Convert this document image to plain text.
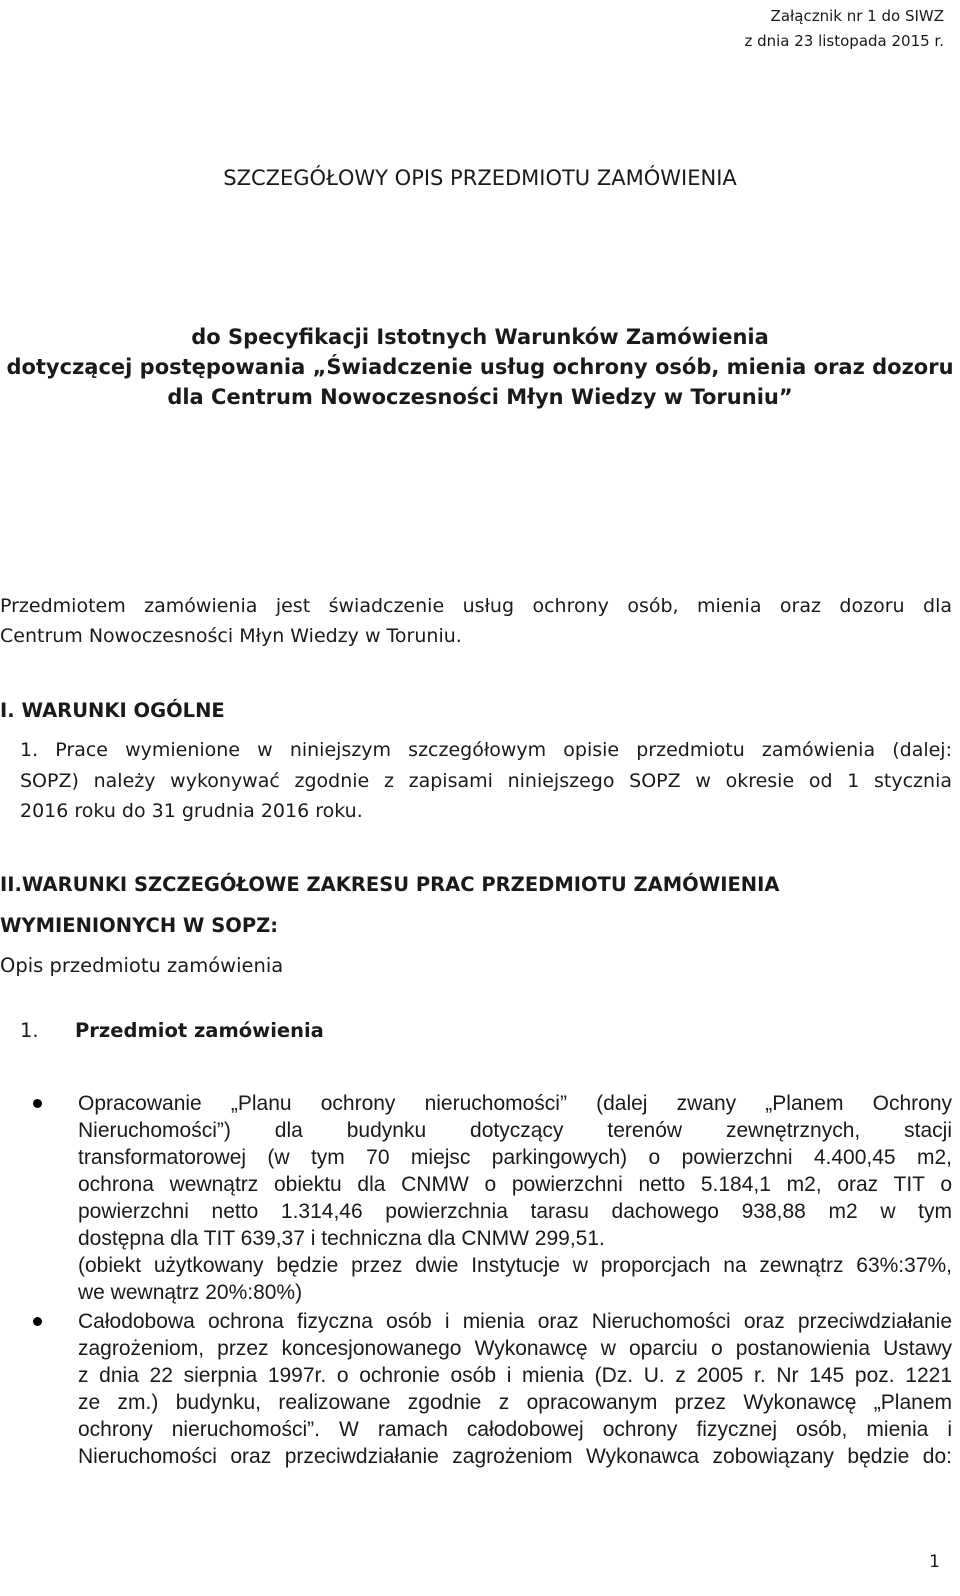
Załącznik nr 1 do SIWZ
z dnia 23 listopada 2015 r.
SZCZEGÓŁOWY OPIS PRZEDMIOTU ZAMÓWIENIA
do Specyfikacji Istotnych Warunków Zamówienia
dotyczącej postępowania „Świadczenie usług ochrony osób, mienia oraz dozoru
dla Centrum Nowoczesności Młyn Wiedzy w Toruniu”
Przedmiotem zamówienia jest świadczenie usług ochrony osób, mienia oraz dozoru dla
Centrum Nowoczesności Młyn Wiedzy w Toruniu.
I. WARUNKI OGÓLNE
1. Prace wymienione w niniejszym szczegółowym opisie przedmiotu zamówienia (dalej:
SOPZ) należy wykonywać zgodnie z zapisami niniejszego SOPZ w okresie od 1 stycznia
2016 roku do 31 grudnia 2016 roku.
II.WARUNKI SZCZEGÓŁOWE ZAKRESU PRAC PRZEDMIOTU ZAMÓWIENIA
WYMIENIONYCH W SOPZ:
Opis przedmiotu zamówienia
1. Przedmiot zamówienia
Opracowanie „Planu ochrony nieruchomości” (dalej zwany „Planem Ochrony
Nieruchomości”) dla budynku dotyczący terenów zewnętrznych, stacji
transformatorowej (w tym 70 miejsc parkingowych) o powierzchni 4.400,45 m2,
ochrona wewnątrz obiektu dla CNMW o powierzchni netto 5.184,1 m2, oraz TIT o
powierzchni netto 1.314,46 powierzchnia tarasu dachowego 938,88 m2 w tym
dostępna dla TIT 639,37 i techniczna dla CNMW 299,51.
(obiekt użytkowany będzie przez dwie Instytucje w proporcjach na zewnątrz 63%:37%,
we wewnątrz 20%:80%)
Całodobowa ochrona fizyczna osób i mienia oraz Nieruchomości oraz przeciwdziałanie
zagrożeniom, przez koncesjonowanego Wykonawcę w oparciu o postanowienia Ustawy
z dnia 22 sierpnia 1997r. o ochronie osób i mienia (Dz. U. z 2005 r. Nr 145 poz. 1221
ze zm.) budynku, realizowane zgodnie z opracowanym przez Wykonawcę „Planem
ochrony nieruchomości”. W ramach całodobowej ochrony fizycznej osób, mienia i
Nieruchomości oraz przeciwdziałanie zagrożeniom Wykonawca zobowiązany będzie do:
1
